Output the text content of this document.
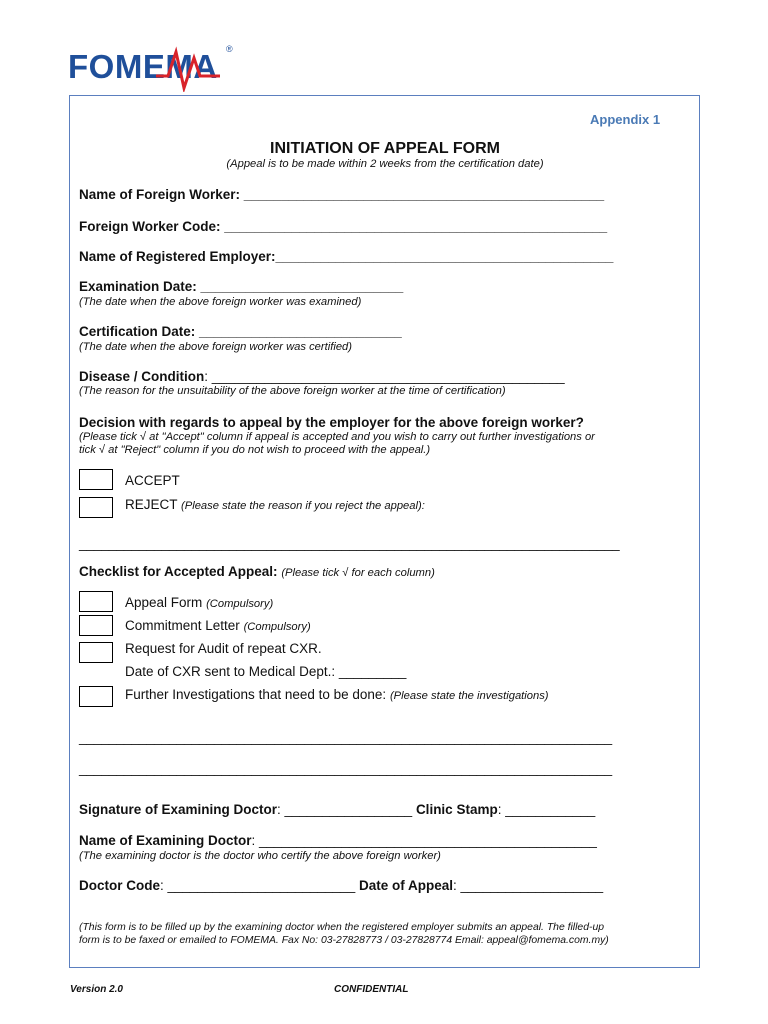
FOMEMA ®
Appendix 1
INITIATION OF APPEAL FORM
(Appeal is to be made within 2 weeks from the certification date)
Name of Foreign Worker: ________________________________________________
Foreign Worker Code: ___________________________________________________
Name of Registered Employer:_____________________________________________
Examination Date: ___________________________
(The date when the above foreign worker was examined)
Certification Date: ___________________________
(The date when the above foreign worker was certified)
Disease / Condition: _______________________________________________
(The reason for the unsuitability of the above foreign worker at the time of certification)
Decision with regards to appeal by the employer for the above foreign worker?
(Please tick √ at "Accept" column if appeal is accepted and you wish to carry out further investigations or
tick √ at "Reject" column if you do not wish to proceed with the appeal.)
ACCEPT
REJECT (Please state the reason if you reject the appeal):
________________________________________________________________________
Checklist for Accepted Appeal: (Please tick √ for each column)
Appeal Form (Compulsory)
Commitment Letter (Compulsory)
Request for Audit of repeat CXR.
Date of CXR sent to Medical Dept.: _________
Further Investigations that need to be done: (Please state the investigations)
_______________________________________________________________________
_______________________________________________________________________
Signature of Examining Doctor: _________________ Clinic Stamp: ____________
Name of Examining Doctor: _____________________________________________
(The examining doctor is the doctor who certify the above foreign worker)
Doctor Code: _________________________ Date of Appeal: ___________________
(This form is to be filled up by the examining doctor when the registered employer submits an appeal. The filled-up
form is to be faxed or emailed to FOMEMA. Fax No: 03-27828773 / 03-27828774 Email: appeal@fomema.com.my)
Version 2.0	CONFIDENTIAL
